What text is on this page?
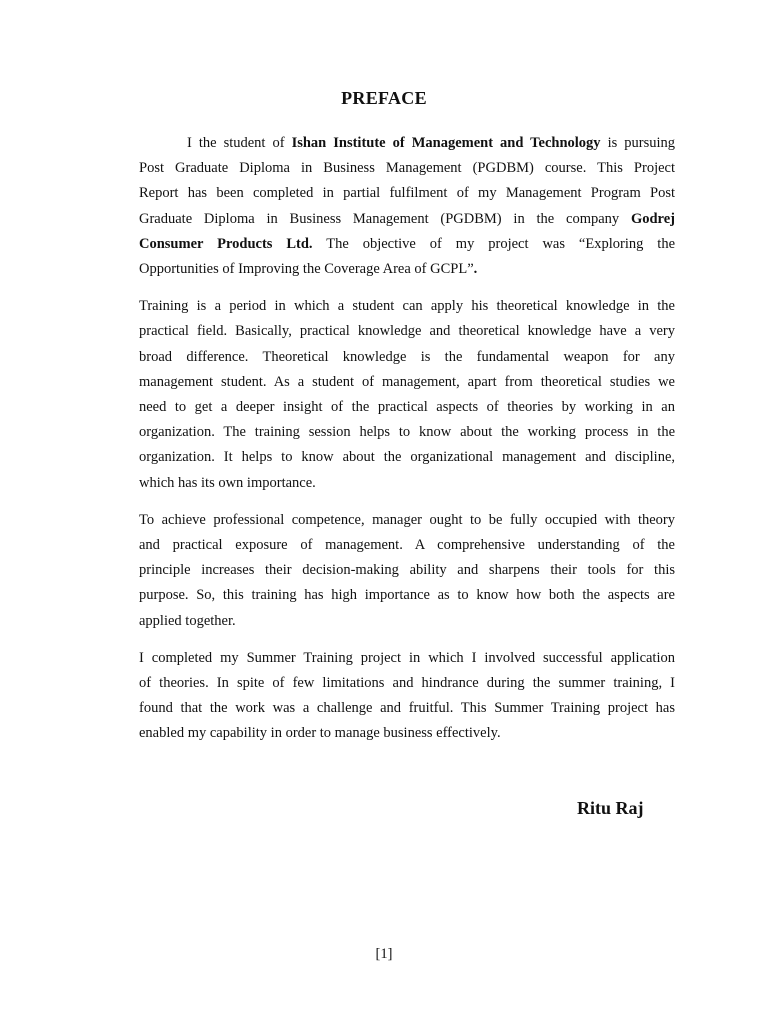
PREFACE

I the student of Ishan Institute of Management and Technology is pursuing
Post Graduate Diploma in Business Management (PGDBM) course. This Project
Report has been completed in partial fulfilment of my Management Program Post
Graduate Diploma in Business Management (PGDBM) in the company Godrej
Consumer Products Ltd. The objective of my project was “Exploring the
Opportunities of Improving the Coverage Area of GCPL”.

Training is a period in which a student can apply his theoretical knowledge in the
practical field. Basically, practical knowledge and theoretical knowledge have a very
broad difference. Theoretical knowledge is the fundamental weapon for any
management student. As a student of management, apart from theoretical studies we
need to get a deeper insight of the practical aspects of theories by working in an
organization. The training session helps to know about the working process in the
organization. It helps to know about the organizational management and discipline,
which has its own importance.

To achieve professional competence, manager ought to be fully occupied with theory
and practical exposure of management. A comprehensive understanding of the
principle increases their decision-making ability and sharpens their tools for this
purpose. So, this training has high importance as to know how both the aspects are
applied together.

I completed my Summer Training project in which I involved successful application
of theories. In spite of few limitations and hindrance during the summer training, I
found that the work was a challenge and fruitful. This Summer Training project has
enabled my capability in order to manage business effectively.

Ritu Raj
[1]
